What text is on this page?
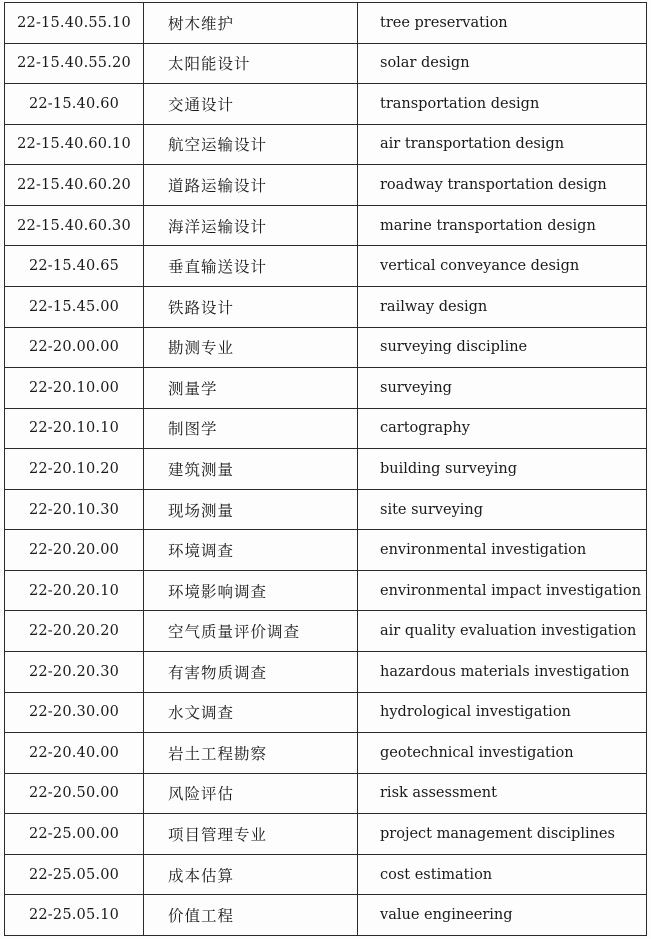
22-15.40.55.10	树木维护	tree preservation
22-15.40.55.20	太阳能设计	solar design
22-15.40.60	交通设计	transportation design
22-15.40.60.10	航空运输设计	air transportation design
22-15.40.60.20	道路运输设计	roadway transportation design
22-15.40.60.30	海洋运输设计	marine transportation design
22-15.40.65	垂直输送设计	vertical conveyance design
22-15.45.00	铁路设计	railway design
22-20.00.00	勘测专业	surveying discipline
22-20.10.00	测量学	surveying
22-20.10.10	制图学	cartography
22-20.10.20	建筑测量	building surveying
22-20.10.30	现场测量	site surveying
22-20.20.00	环境调查	environmental investigation
22-20.20.10	环境影响调查	environmental impact investigation
22-20.20.20	空气质量评价调查	air quality evaluation investigation
22-20.20.30	有害物质调查	hazardous materials investigation
22-20.30.00	水文调查	hydrological investigation
22-20.40.00	岩土工程勘察	geotechnical investigation
22-20.50.00	风险评估	risk assessment
22-25.00.00	项目管理专业	project management disciplines
22-25.05.00	成本估算	cost estimation
22-25.05.10	价值工程	value engineering
